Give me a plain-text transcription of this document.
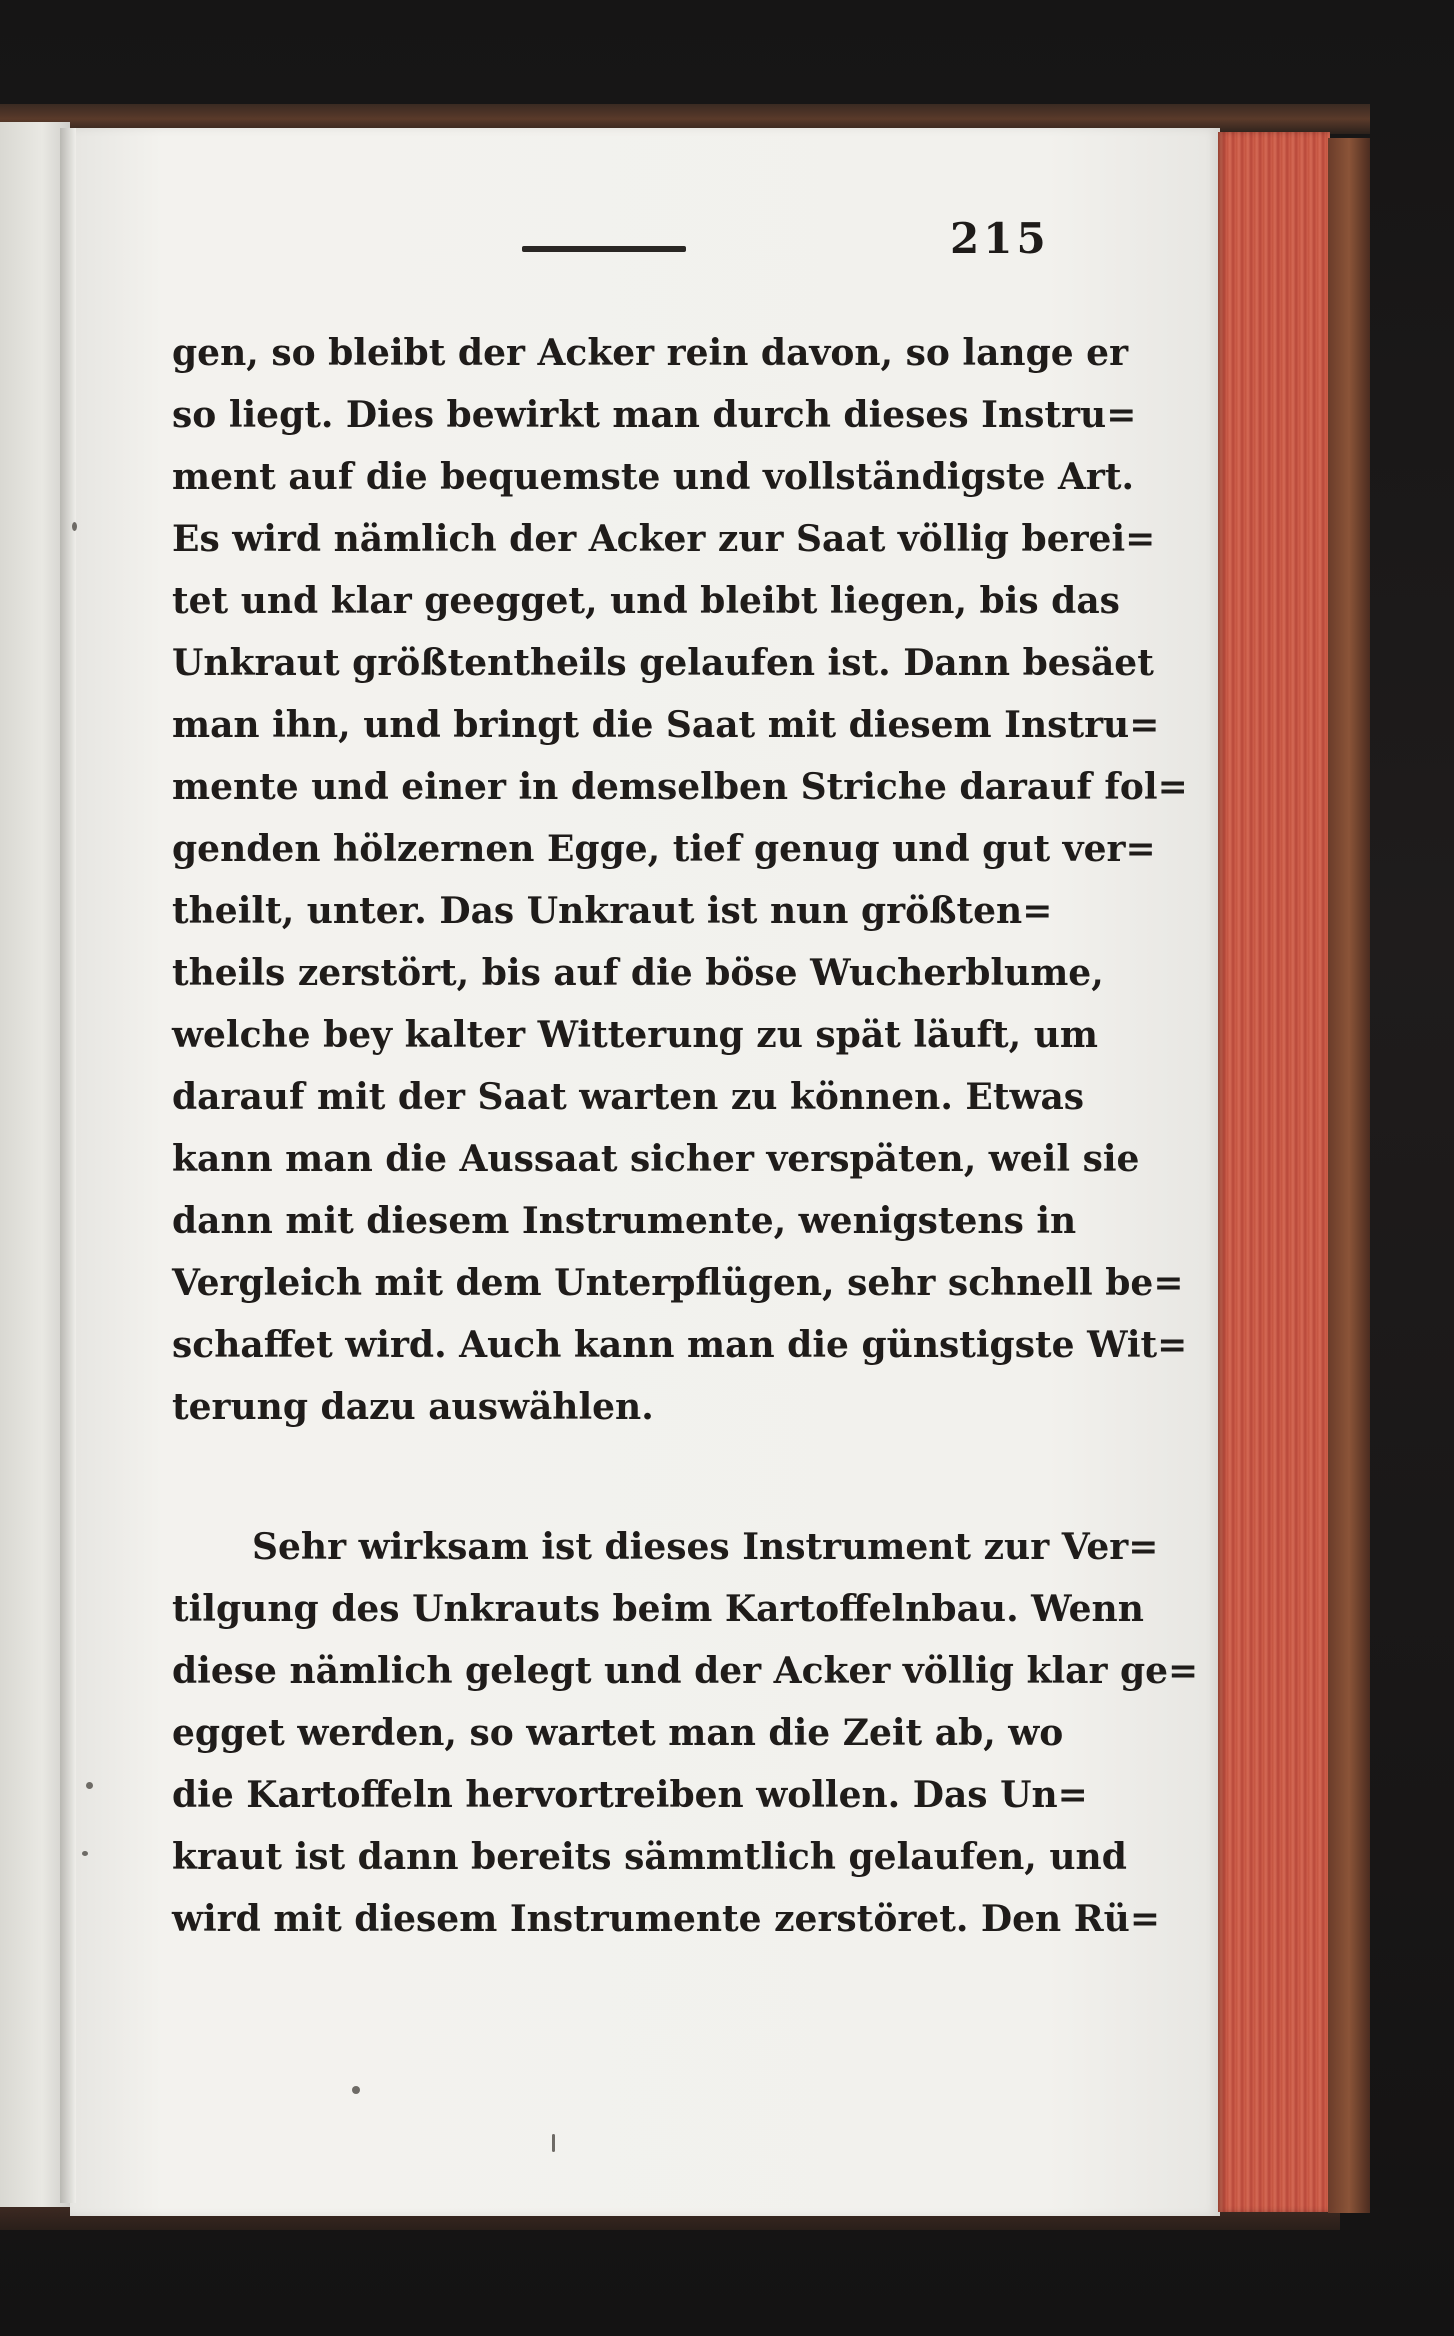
215
gen, so bleibt der Acker rein davon, so lange er
so liegt. Dies bewirkt man durch dieses Instru=
ment auf die bequemste und vollständigste Art.
Es wird nämlich der Acker zur Saat völlig berei=
tet und klar geegget, und bleibt liegen, bis das
Unkraut größtentheils gelaufen ist. Dann besäet
man ihn, und bringt die Saat mit diesem Instru=
mente und einer in demselben Striche darauf fol=
genden hölzernen Egge, tief genug und gut ver=
theilt, unter. Das Unkraut ist nun größten=
theils zerstört, bis auf die böse Wucherblume,
welche bey kalter Witterung zu spät läuft, um
darauf mit der Saat warten zu können. Etwas
kann man die Aussaat sicher verspäten, weil sie
dann mit diesem Instrumente, wenigstens in
Vergleich mit dem Unterpflügen, sehr schnell be=
schaffet wird. Auch kann man die günstigste Wit=
terung dazu auswählen.
Sehr wirksam ist dieses Instrument zur Ver=
tilgung des Unkrauts beim Kartoffelnbau. Wenn
diese nämlich gelegt und der Acker völlig klar ge=
egget werden, so wartet man die Zeit ab, wo
die Kartoffeln hervortreiben wollen. Das Un=
kraut ist dann bereits sämmtlich gelaufen, und
wird mit diesem Instrumente zerstöret. Den Rü=
